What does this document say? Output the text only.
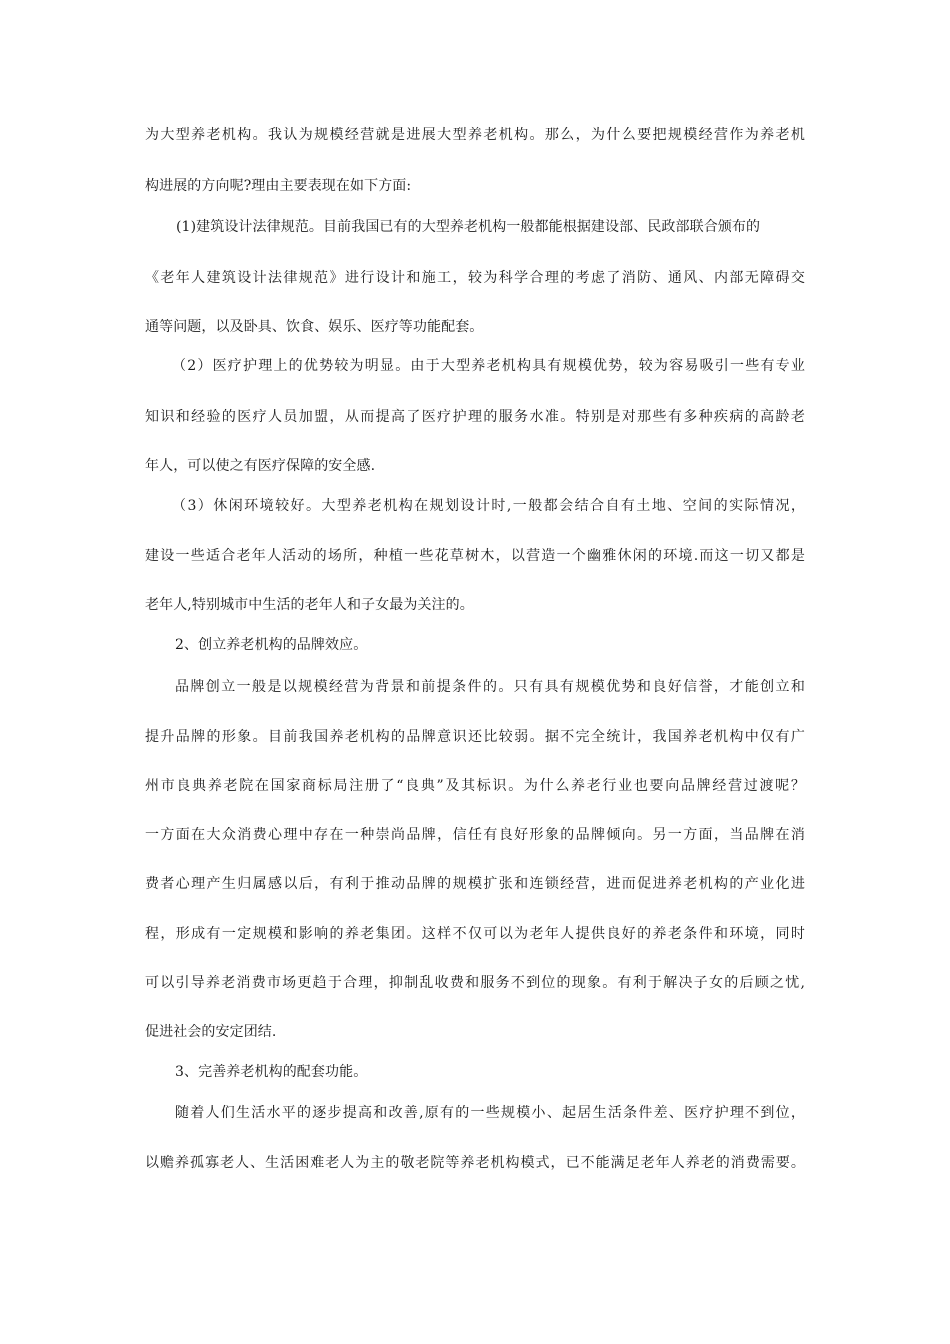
为大型养老机构。我认为规模经营就是进展大型养老机构。那么，为什么要把规模经营作为养老机
构进展的方向呢?理由主要表现在如下方面:
(1)建筑设计法律规范。目前我国已有的大型养老机构一般都能根据建设部、民政部联合颁布的
《老年人建筑设计法律规范》进行设计和施工，较为科学合理的考虑了消防、通风、内部无障碍交
通等问题，以及卧具、饮食、娱乐、医疗等功能配套。
（2）医疗护理上的优势较为明显。由于大型养老机构具有规模优势，较为容易吸引一些有专业
知识和经验的医疗人员加盟，从而提高了医疗护理的服务水准。特别是对那些有多种疾病的高龄老
年人，可以使之有医疗保障的安全感.
（3）休闲环境较好。大型养老机构在规划设计时,一般都会结合自有土地、空间的实际情况，
建设一些适合老年人活动的场所，种植一些花草树木，以营造一个幽雅休闲的环境.而这一切又都是
老年人,特别城市中生活的老年人和子女最为关注的。
2、创立养老机构的品牌效应。
品牌创立一般是以规模经营为背景和前提条件的。只有具有规模优势和良好信誉，才能创立和
提升品牌的形象。目前我国养老机构的品牌意识还比较弱。据不完全统计，我国养老机构中仅有广
州市良典养老院在国家商标局注册了“良典”及其标识。为什么养老行业也要向品牌经营过渡呢？
一方面在大众消费心理中存在一种崇尚品牌，信任有良好形象的品牌倾向。另一方面，当品牌在消
费者心理产生归属感以后，有利于推动品牌的规模扩张和连锁经营，进而促进养老机构的产业化进
程，形成有一定规模和影响的养老集团。这样不仅可以为老年人提供良好的养老条件和环境，同时
可以引导养老消费市场更趋于合理，抑制乱收费和服务不到位的现象。有利于解决子女的后顾之忧,
促进社会的安定团结.
3、完善养老机构的配套功能。
随着人们生活水平的逐步提高和改善,原有的一些规模小、起居生活条件差、医疗护理不到位，
以赡养孤寡老人、生活困难老人为主的敬老院等养老机构模式，已不能满足老年人养老的消费需要。
